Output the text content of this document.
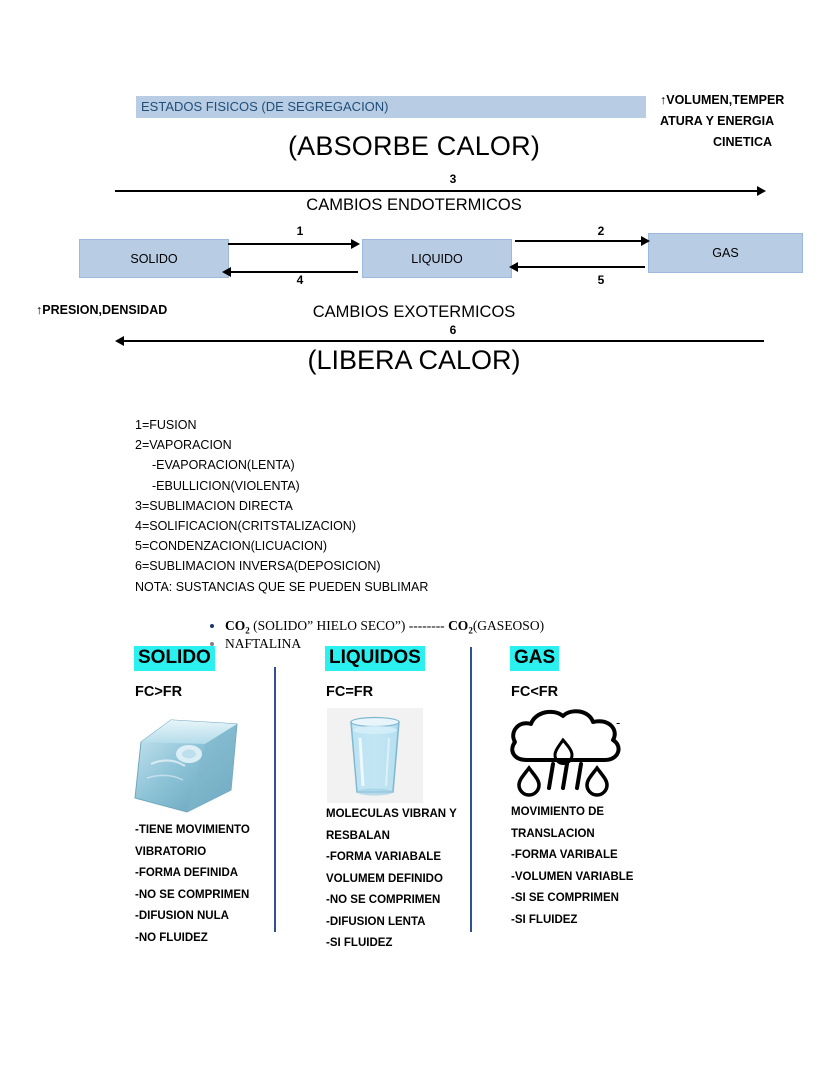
ESTADOS FISICOS (DE SEGREGACION)	↑VOLUMEN,TEMPER
ATURA Y ENERGIA
CINETICA
(ABSORBE CALOR)
3
CAMBIOS ENDOTERMICOS
SOLIDO	LIQUIDO	GAS
1
4
2
5
↑PRESION,DENSIDAD	CAMBIOS EXOTERMICOS
6
(LIBERA CALOR)
1=FUSION
2=VAPORACION
-EVAPORACION(LENTA)
-EBULLICION(VIOLENTA)
3=SUBLIMACION DIRECTA
4=SOLIFICACION(CRITSTALIZACION)
5=CONDENZACION(LICUACION)
6=SUBLIMACION INVERSA(DEPOSICION)
NOTA: SUSTANCIAS QUE SE PUEDEN SUBLIMAR
• $CO_2$ (SOLIDO” HIELO SECO”) -------- $CO_2(GASEOSO)$
• NAFTALINA
SOLIDO
FC>FR
-TIENE MOVIMIENTO
VIBRATORIO
-FORMA DEFINIDA
-NO SE COMPRIMEN
-DIFUSION NULA
-NO FLUIDEZ
LIQUIDOS
FC=FR
MOLECULAS VIBRAN Y
RESBALAN
-FORMA VARIABALE
VOLUMEM DEFINIDO
-NO SE COMPRIMEN
-DIFUSION LENTA
-SI FLUIDEZ
GAS
FC<FR
-
MOVIMIENTO DE
TRANSLACION
-FORMA VARIBALE
-VOLUMEN VARIABLE
-SI SE COMPRIMEN
-SI FLUIDEZ
